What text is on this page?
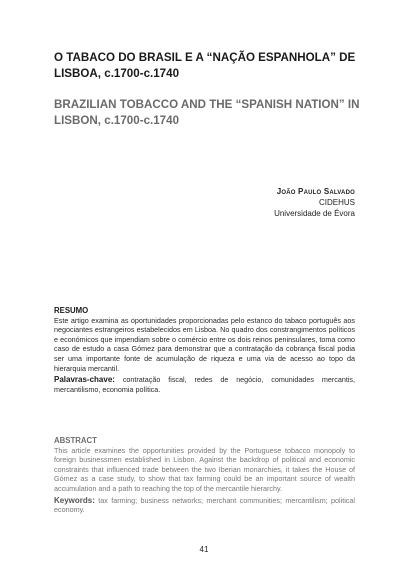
O TABACO DO BRASIL E A “NAÇÃO ESPANHOLA” DE LISBOA, c.1700-c.1740
BRAZILIAN TOBACCO AND THE “SPANISH NATION” IN LISBON, c.1700-c.1740
João Paulo Salvado
CIDEHUS
Universidade de Évora
RESUMO

Este artigo examina as oportunidades proporcionadas pelo estanco do tabaco português aos negociantes estrangeiros estabelecidos em Lisboa. No quadro dos constrangimentos políticos e económicos que impendiam sobre o comércio entre os dois reinos peninsulares, toma como caso de estudo a casa Gómez para demonstrar que a contratação da cobrança fiscal podia ser uma importante fonte de acumulação de riqueza e uma via de acesso ao topo da hierarquia mercantil.

Palavras-chave: contratação fiscal, redes de negócio, comunidades mercantis, mercantilismo, economia política.
ABSTRACT

This article examines the opportunities provided by the Portuguese tobacco monopoly to foreign businessmen established in Lisbon. Against the backdrop of political and economic constraints that influenced trade between the two Iberian monarchies, it takes the House of Gómez as a case study, to show that tax farming could be an important source of wealth accumulation and a path to reaching the top of the mercantile hierarchy.

Keywords: tax farming; business networks; merchant communities; mercantilism; political economy.
41
